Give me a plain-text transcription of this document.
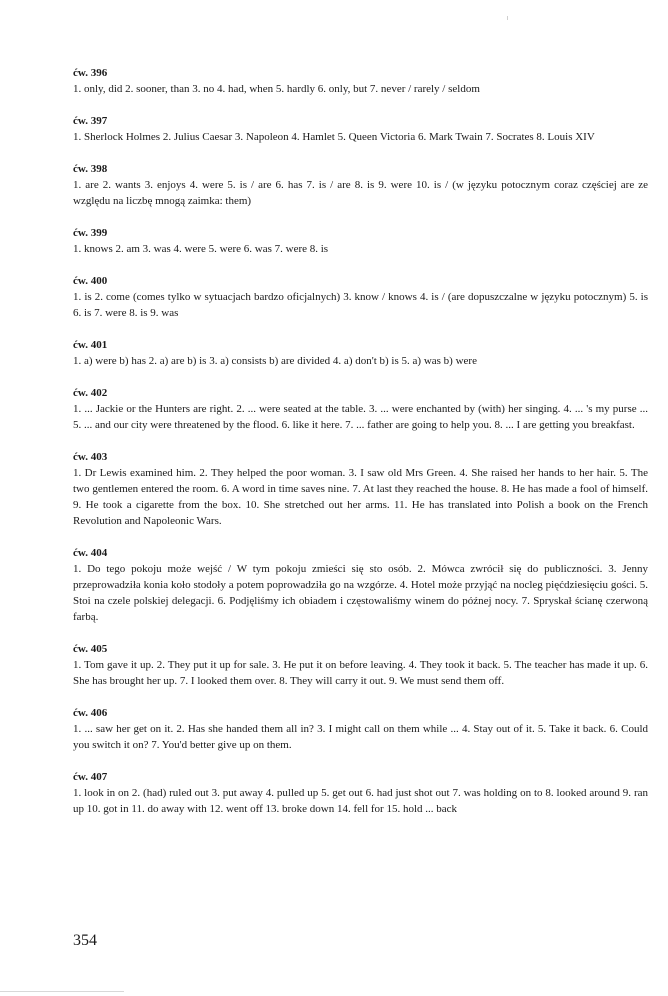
ćw. 396

1. only, did 2. sooner, than 3. no 4. had, when 5. hardly 6. only, but 7. never / rarely / seldom

ćw. 397

1. Sherlock Holmes 2. Julius Caesar 3. Napoleon 4. Hamlet 5. Queen Victoria 6. Mark Twain 7. Socrates 8. Louis XIV

ćw. 398

1. are 2. wants 3. enjoys 4. were 5. is / are 6. has 7. is / are 8. is 9. were 10. is / (w języku potocznym coraz częściej are ze względu na liczbę mnogą zaimka: them)

ćw. 399

1. knows 2. am 3. was 4. were 5. were 6. was 7. were 8. is

ćw. 400

1. is 2. come (comes tylko w sytuacjach bardzo oficjalnych) 3. know / knows 4. is / (are dopuszczalne w języku potocznym) 5. is 6. is 7. were 8. is 9. was

ćw. 401

1. a) were b) has 2. a) are b) is 3. a) consists b) are divided 4. a) don't b) is 5. a) was b) were

ćw. 402

1. ... Jackie or the Hunters are right. 2. ... were seated at the table. 3. ... were enchanted by (with) her singing. 4. ... 's my purse ... 5. ... and our city were threatened by the flood. 6. like it here. 7. ... father are going to help you. 8. ... I are getting you breakfast.

ćw. 403

1. Dr Lewis examined him. 2. They helped the poor woman. 3. I saw old Mrs Green. 4. She raised her hands to her hair. 5. The two gentlemen entered the room. 6. A word in time saves nine. 7. At last they reached the house. 8. He has made a fool of himself. 9. He took a cigarette from the box. 10. She stretched out her arms. 11. He has translated into Polish a book on the French Revolution and Napoleonic Wars.

ćw. 404

1. Do tego pokoju może wejść / W tym pokoju zmieści się sto osób. 2. Mówca zwrócił się do publiczności. 3. Jenny przeprowadziła konia koło stodoły a potem poprowadziła go na wzgórze. 4. Hotel może przyjąć na nocleg pięćdziesięciu gości. 5. Stoi na czele polskiej delegacji. 6. Podjęliśmy ich obiadem i częstowaliśmy winem do późnej nocy. 7. Spryskał ścianę czerwoną farbą.

ćw. 405

1. Tom gave it up. 2. They put it up for sale. 3. He put it on before leaving. 4. They took it back. 5. The teacher has made it up. 6. She has brought her up. 7. I looked them over. 8. They will carry it out. 9. We must send them off.

ćw. 406

1. ... saw her get on it. 2. Has she handed them all in? 3. I might call on them while ... 4. Stay out of it. 5. Take it back. 6. Could you switch it on? 7. You'd better give up on them.

ćw. 407

1. look in on 2. (had) ruled out 3. put away 4. pulled up 5. get out 6. had just shot out 7. was holding on to 8. looked around 9. ran up 10. got in 11. do away with 12. went off 13. broke down 14. fell for 15. hold ... back

354
